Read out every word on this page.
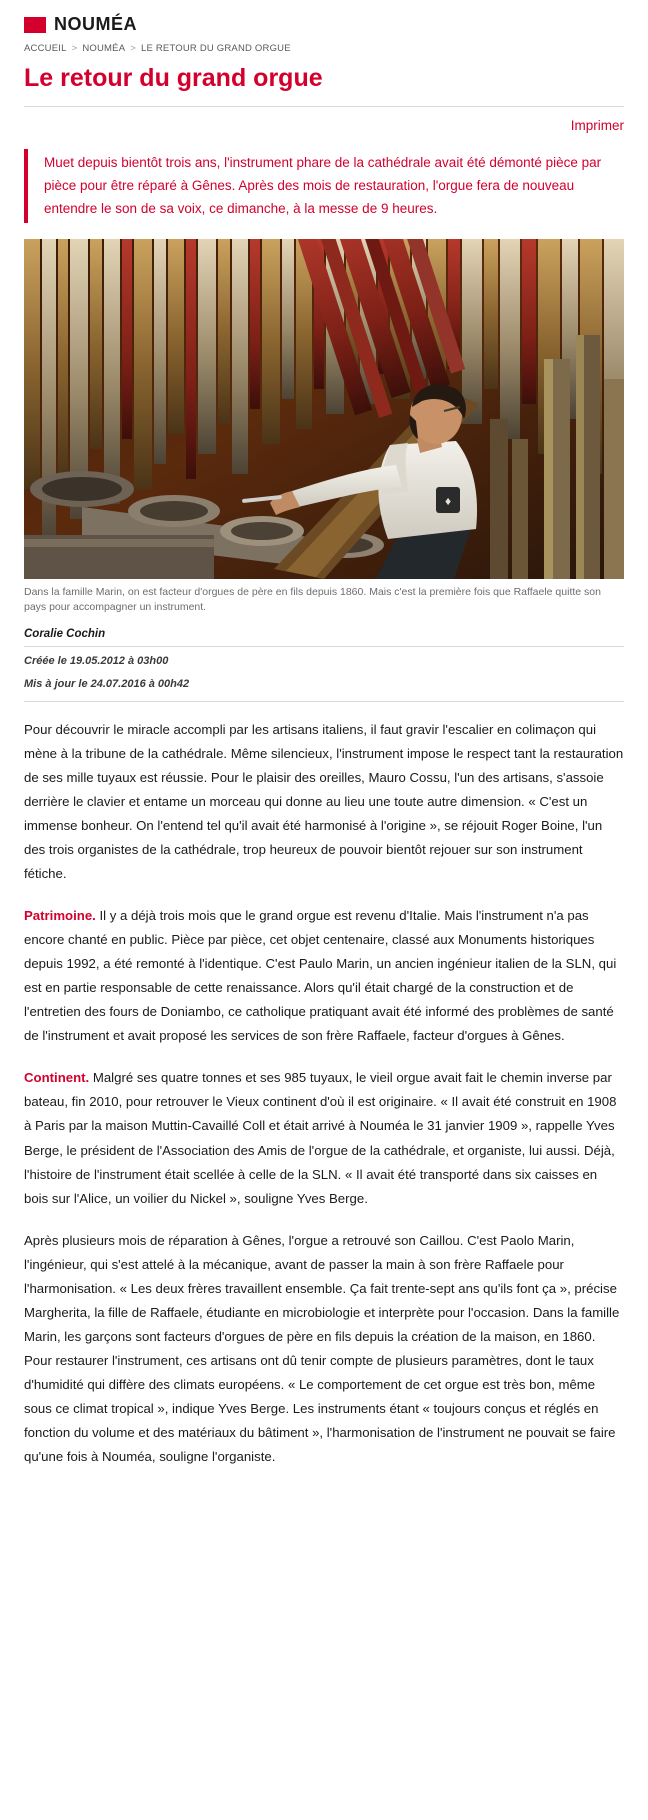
NOUMÉA
ACCUEIL > NOUMÉA > LE RETOUR DU GRAND ORGUE
Le retour du grand orgue
Imprimer
Muet depuis bientôt trois ans, l'instrument phare de la cathédrale avait été démonté pièce par pièce pour être réparé à Gênes. Après des mois de restauration, l'orgue fera de nouveau entendre le son de sa voix, ce dimanche, à la messe de 9 heures.
♦
Dans la famille Marin, on est facteur d'orgues de père en fils depuis 1860. Mais c'est la première fois que Raffaele quitte son pays pour accompagner un instrument.
Coralie Cochin
Créée le 19.05.2012 à 03h00
Mis à jour le 24.07.2016 à 00h42

Pour découvrir le miracle accompli par les artisans italiens, il faut gravir l'escalier en colimaçon qui mène à la tribune de la cathédrale. Même silencieux, l'instrument impose le respect tant la restauration de ses mille tuyaux est réussie. Pour le plaisir des oreilles, Mauro Cossu, l'un des artisans, s'assoie derrière le clavier et entame un morceau qui donne au lieu une toute autre dimension. « C'est un immense bonheur. On l'entend tel qu'il avait été harmonisé à l'origine », se réjouit Roger Boine, l'un des trois organistes de la cathédrale, trop heureux de pouvoir bientôt rejouer sur son instrument fétiche.

Patrimoine. Il y a déjà trois mois que le grand orgue est revenu d'Italie. Mais l'instrument n'a pas encore chanté en public. Pièce par pièce, cet objet centenaire, classé aux Monuments historiques depuis 1992, a été remonté à l'identique. C'est Paulo Marin, un ancien ingénieur italien de la SLN, qui est en partie responsable de cette renaissance. Alors qu'il était chargé de la construction et de l'entretien des fours de Doniambo, ce catholique pratiquant avait été informé des problèmes de santé de l'instrument et avait proposé les services de son frère Raffaele, facteur d'orgues à Gênes.

Continent. Malgré ses quatre tonnes et ses 985 tuyaux, le vieil orgue avait fait le chemin inverse par bateau, fin 2010, pour retrouver le Vieux continent d'où il est originaire. « Il avait été construit en 1908 à Paris par la maison Muttin-Cavaillé Coll et était arrivé à Nouméa le 31 janvier 1909 », rappelle Yves Berge, le président de l'Association des Amis de l'orgue de la cathédrale, et organiste, lui aussi. Déjà, l'histoire de l'instrument était scellée à celle de la SLN. « Il avait été transporté dans six caisses en bois sur l'Alice, un voilier du Nickel », souligne Yves Berge.

Après plusieurs mois de réparation à Gênes, l'orgue a retrouvé son Caillou. C'est Paolo Marin, l'ingénieur, qui s'est attelé à la mécanique, avant de passer la main à son frère Raffaele pour l'harmonisation. « Les deux frères travaillent ensemble. Ça fait trente-sept ans qu'ils font ça », précise Margherita, la fille de Raffaele, étudiante en microbiologie et interprète pour l'occasion. Dans la famille Marin, les garçons sont facteurs d'orgues de père en fils depuis la création de la maison, en 1860.

Pour restaurer l'instrument, ces artisans ont dû tenir compte de plusieurs paramètres, dont le taux d'humidité qui diffère des climats européens. « Le comportement de cet orgue est très bon, même sous ce climat tropical », indique Yves Berge. Les instruments étant « toujours conçus et réglés en fonction du volume et des matériaux du bâtiment », l'harmonisation de l'instrument ne pouvait se faire qu'une fois à Nouméa, souligne l'organiste.
